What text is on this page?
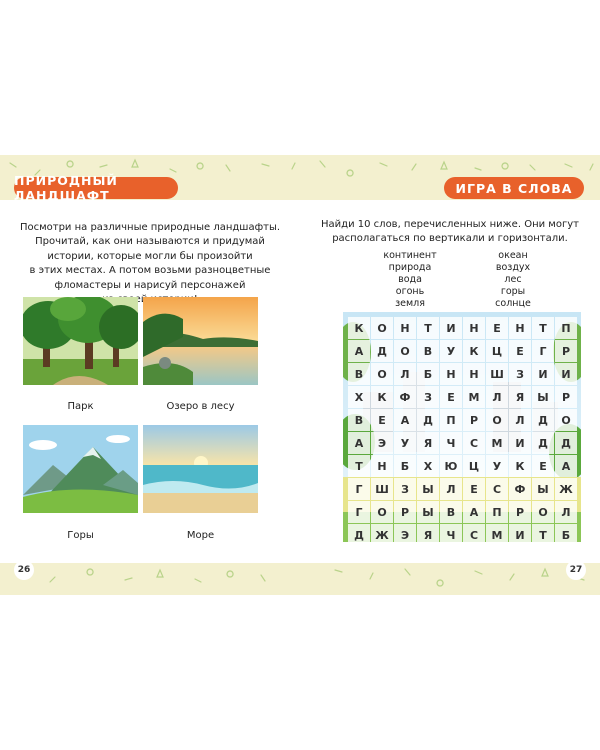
ПРИРОДНЫЙ ЛАНДШАФТ
Посмотри на различные природные ландшафты.
Прочитай, как они называются и придумай
истории, которые могли бы произойти
в этих местах. А потом возьми разноцветные
фломастеры и нарисуй персонажей
Парк	Озеро в лесу
Горы	Море
26
ИГРА В СЛОВА
Найди 10 слов, перечисленных ниже. Они могут
располагаться по вертикали и горизонтали.
континент
природа
вода
огонь
земля
океан
воздух
лес
горы
солнце
К	О	Н	Т	И	Н	Е	Н	Т	П
А	Д	О	В	У	К	Ц	Е	Г	Р
В	О	Л	Б	Н	Н	Ш	З	И	И
Х	К	Ф	З	Е	М	Л	Я	Ы	Р
В	Е	А	Д	П	Р	О	Л	Д	О
А	Э	У	Я	Ч	С	М	И	Д	Д
Т	Н	Б	Х	Ю	Ц	У	К	Е	А
Г	Ш	З	Ы	Л	Е	С	Ф	Ы Ж
Г	О	Р	Ы	В	А	П	Р	О	Л
Д	Ж	Э	Я	Ч	С	М	И	Т	Б
27
